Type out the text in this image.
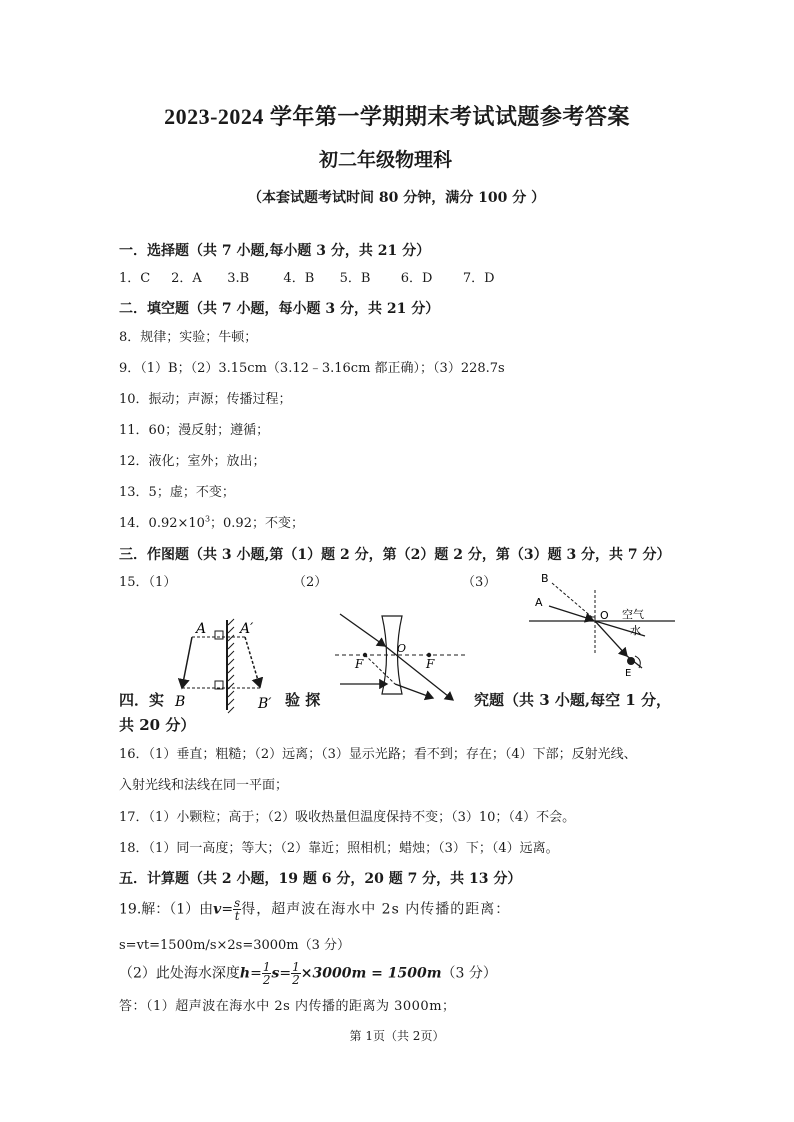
2023-2024 学年第一学期期末考试试题参考答案
初二年级物理科
（本套试题考试时间 80 分钟，满分 100 分 ）
一．选择题（共 7 小题,每小题 3 分，共 21 分）
1．C 2．A 3.B	4．B 5．B 6．D 7．D
二．填空题（共 7 小题，每小题 3 分，共 21 分）
8．规律；实验；牛顿；
9．（1）B；（2）3.15cm（3.12﹣3.16cm 都正确）；（3）228.7s
10．振动；声源；传播过程；
11．60；漫反射；遵循；
12．液化；室外；放出；
13．5；虚；不变；
14．$0.92\times 10^3$；0.92；不变；
三．作图题（共 3 小题,第（1）题 2 分，第（2）题 2 分，第（3）题 3 分，共 7 分）
15．（1）	（2）	（3）
A A′
B	B′
F
O
F
B
A
O 空气
水
E
四．实	验 探	究题（共 3 小题,每空 1 分，
共 20 分）
16．（1）垂直；粗糙；（2）远离；（3）显示光路；看不到；存在；（4）下部；反射光线、
入射光线和法线在同一平面；
17．（1）小颗粒；高于；（2）吸收热量但温度保持不变；（3）10；（4）不会。
18．（1）同一高度；等大；（2）靠近；照相机；蜡烛；（3）下；（4）远离。
五．计算题（共 2 小题，19 题 6 分，20 题 7 分，共 13 分）
19.解：（1）由$v= \frac{s}{t}$ 得，超声波在海水中 2s 内传播的距离：
s=vt=1500m/s×2s=3000m（3 分）
（2）此处海水深度$h= \frac{1}{2} s= \frac{1}{2} \times 3000m = 1500m(3$ 分）
答：（1）超声波在海水中 2s 内传播的距离为 3000m；
第 1页（共 2页）
